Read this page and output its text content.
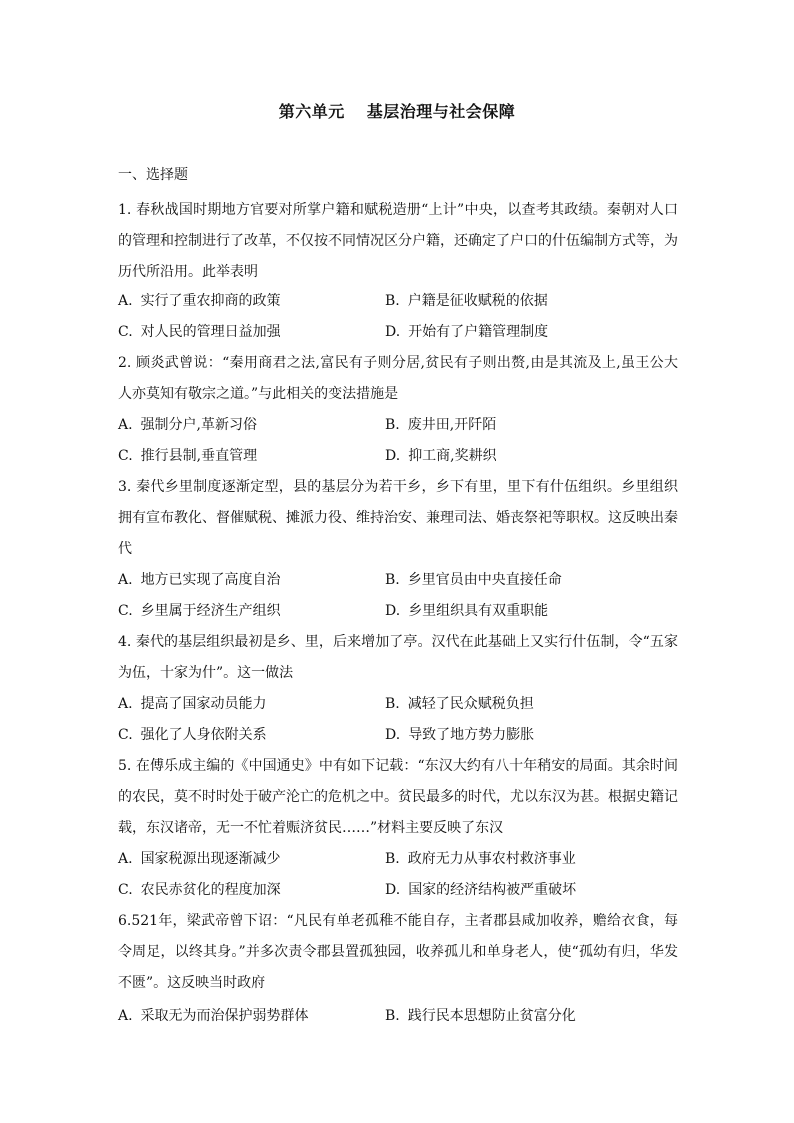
第六单元 基层治理与社会保障
一、选择题
1. 春秋战国时期地方官要对所掌户籍和赋税造册“上计”中央，以查考其政绩。秦朝对人口的管理和控制进行了改革，不仅按不同情况区分户籍，还确定了户口的什伍编制方式等，为历代所沿用。此举表明
A. 实行了重农抑商的政策	B. 户籍是征收赋税的依据
C. 对人民的管理日益加强	D. 开始有了户籍管理制度
2. 顾炎武曾说：“秦用商君之法,富民有子则分居,贫民有子则出赘,由是其流及上,虽王公大人亦莫知有敬宗之道。”与此相关的变法措施是
A. 强制分户,革新习俗	B. 废井田,开阡陌
C. 推行县制,垂直管理	D. 抑工商,奖耕织
3. 秦代乡里制度逐渐定型，县的基层分为若干乡，乡下有里，里下有什伍组织。乡里组织拥有宣布教化、督催赋税、摊派力役、维持治安、兼理司法、婚丧祭祀等职权。这反映出秦代
A. 地方已实现了高度自治	B. 乡里官员由中央直接任命
C. 乡里属于经济生产组织	D. 乡里组织具有双重职能
4. 秦代的基层组织最初是乡、里，后来增加了亭。汉代在此基础上又实行什伍制，令“五家为伍，十家为什”。这一做法
A. 提高了国家动员能力	B. 减轻了民众赋税负担
C. 强化了人身依附关系	D. 导致了地方势力膨胀
5. 在傅乐成主编的《中国通史》中有如下记载：“东汉大约有八十年稍安的局面。其余时间的农民，莫不时时处于破产沦亡的危机之中。贫民最多的时代，尤以东汉为甚。根据史籍记载，东汉诸帝，无一不忙着赈济贫民……”材料主要反映了东汉
A. 国家税源出现逐渐减少	B. 政府无力从事农村救济事业
C. 农民赤贫化的程度加深	D. 国家的经济结构被严重破坏
6.521年，梁武帝曾下诏：“凡民有单老孤稚不能自存，主者郡县咸加收养，赡给衣食，每令周足，以终其身。”并多次责令郡县置孤独园，收养孤儿和单身老人，使“孤幼有归，华发不匮”。这反映当时政府
A. 采取无为而治保护弱势群体	B. 践行民本思想防止贫富分化
